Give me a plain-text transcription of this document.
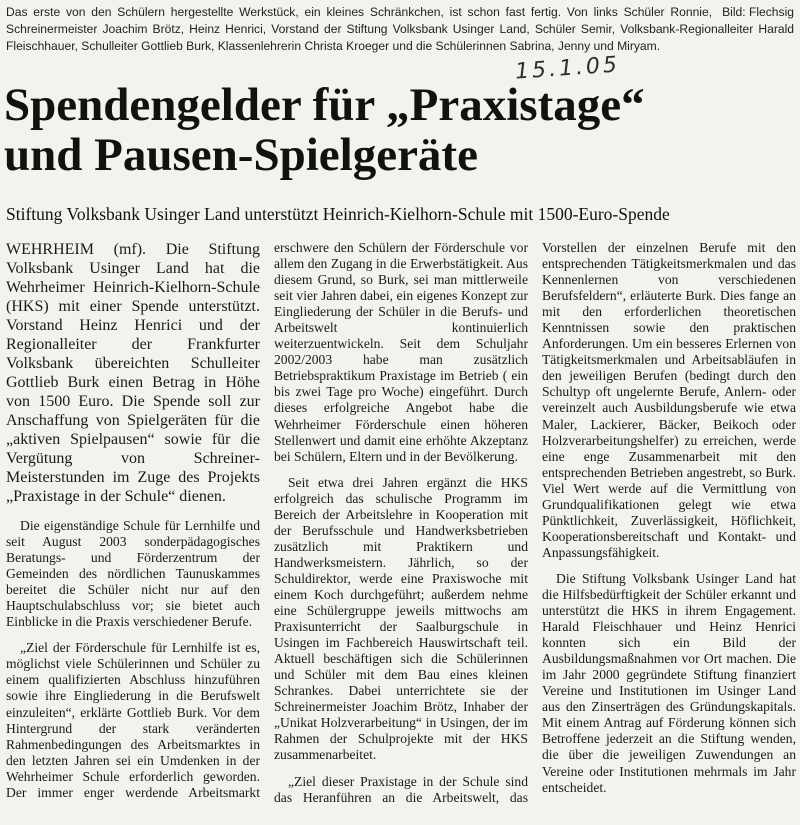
Bild: Flechsig
Das erste von den Schülern hergestellte Werkstück, ein kleines Schränkchen, ist schon fast fertig. Von links Schüler Ronnie, Schreinermeister Joachim Brötz, Heinz Henrici, Vorstand der Stiftung Volksbank Usinger Land, Schüler Semir, Volksbank-Regionalleiter Harald Fleischhauer, Schulleiter Gottlieb Burk, Klassenlehrerin Christa Kroeger und die Schülerinnen Sabrina, Jenny und Miryam.
15.1.05
Spendengelder für „Praxistage“
und Pausen-Spielgeräte
Stiftung Volksbank Usinger Land unterstützt Heinrich-Kielhorn-Schule mit 1500-Euro-Spende

WEHRHEIM (mf). Die Stiftung Volksbank Usinger Land hat die Wehrheimer Heinrich-Kielhorn-Schule (HKS) mit einer Spende unterstützt. Vorstand Heinz Henrici und der Regionalleiter der Frankfurter Volksbank übereichten Schulleiter Gottlieb Burk einen Betrag in Höhe von 1500 Euro. Die Spende soll zur Anschaffung von Spielgeräten für die „aktiven Spielpausen“ sowie für die Vergütung von Schreiner-Meisterstunden im Zuge des Projekts „Praxistage in der Schule“ dienen.

Die eigenständige Schule für Lernhilfe und seit August 2003 sonderpädagogisches Beratungs- und Förderzentrum der Gemeinden des nördlichen Taunuskammes bereitet die Schüler nicht nur auf den Hauptschulabschluss vor; sie bietet auch Einblicke in die Praxis verschiedener Berufe.

„Ziel der Förderschule für Lernhilfe ist es, möglichst viele Schülerinnen und Schüler zu einem qualifizierten Abschluss hinzuführen sowie ihre Eingliederung in die Berufswelt einzuleiten“, erklärte Gottlieb Burk. Vor dem Hintergrund der stark veränderten Rahmenbedingungen des Arbeitsmarktes in den letzten Jahren sei ein Umdenken in der Wehrheimer Schule erforderlich geworden. Der immer enger werdende Arbeitsmarkt erschwere den Schülern der Förderschule vor allem den Zugang in die Erwerbstätigkeit. Aus diesem Grund, so Burk, sei man mittlerweile seit vier Jahren dabei, ein eigenes Konzept zur Eingliederung der Schüler in die Berufs- und Arbeitswelt kontinuierlich weiterzuentwickeln. Seit dem Schuljahr 2002/2003 habe man zusätzlich Betriebspraktikum Praxistage im Betrieb ( ein bis zwei Tage pro Woche) eingeführt. Durch dieses erfolgreiche Angebot habe die Wehrheimer Förderschule einen höheren Stellenwert und damit eine erhöhte Akzeptanz bei Schülern, Eltern und in der Bevölkerung.

Seit etwa drei Jahren ergänzt die HKS erfolgreich das schulische Programm im Bereich der Arbeitslehre in Kooperation mit der Berufsschule und Handwerksbetrieben zusätzlich mit Praktikern und Handwerksmeistern. Jährlich, so der Schuldirektor, werde eine Praxiswoche mit einem Koch durchgeführt; außerdem nehme eine Schülergruppe jeweils mittwochs am Praxisunterricht der Saalburgschule in Usingen im Fachbereich Hauswirtschaft teil. Aktuell beschäftigen sich die Schülerinnen und Schüler mit dem Bau eines kleinen Schrankes. Dabei unterrichtete sie der Schreinermeister Joachim Brötz, Inhaber der „Unikat Holzverarbeitung“ in Usingen, der im Rahmen der Schulprojekte mit der HKS zusammenarbeitet.

„Ziel dieser Praxistage in der Schule sind das Heranführen an die Arbeitswelt, das Vorstellen der einzelnen Berufe mit den entsprechenden Tätigkeitsmerkmalen und das Kennenlernen von verschiedenen Berufsfeldern“, erläuterte Burk. Dies fange an mit den erforderlichen theoretischen Kenntnissen sowie den praktischen Anforderungen. Um ein besseres Erlernen von Tätigkeitsmerkmalen und Arbeitsabläufen in den jeweiligen Berufen (bedingt durch den Schultyp oft ungelernte Berufe, Anlern- oder vereinzelt auch Ausbildungsberufe wie etwa Maler, Lackierer, Bäcker, Beikoch oder Holzverarbeitungshelfer) zu erreichen, werde eine enge Zusammenarbeit mit den entsprechenden Betrieben angestrebt, so Burk. Viel Wert werde auf die Vermittlung von Grundqualifikationen gelegt wie etwa Pünktlichkeit, Zuverlässigkeit, Höflichkeit, Kooperationsbereitschaft und Kontakt- und Anpassungsfähigkeit.

Die Stiftung Volksbank Usinger Land hat die Hilfsbedürftigkeit der Schüler erkannt und unterstützt die HKS in ihrem Engagement. Harald Fleischhauer und Heinz Henrici konnten sich ein Bild der Ausbildungsmaßnahmen vor Ort machen. Die im Jahr 2000 gegründete Stiftung finanziert Vereine und Institutionen im Usinger Land aus den Zinserträgen des Gründungskapitals. Mit einem Antrag auf Förderung können sich Betroffene jederzeit an die Stiftung wenden, die über die jeweiligen Zuwendungen an Vereine oder Institutionen mehrmals im Jahr entscheidet.
